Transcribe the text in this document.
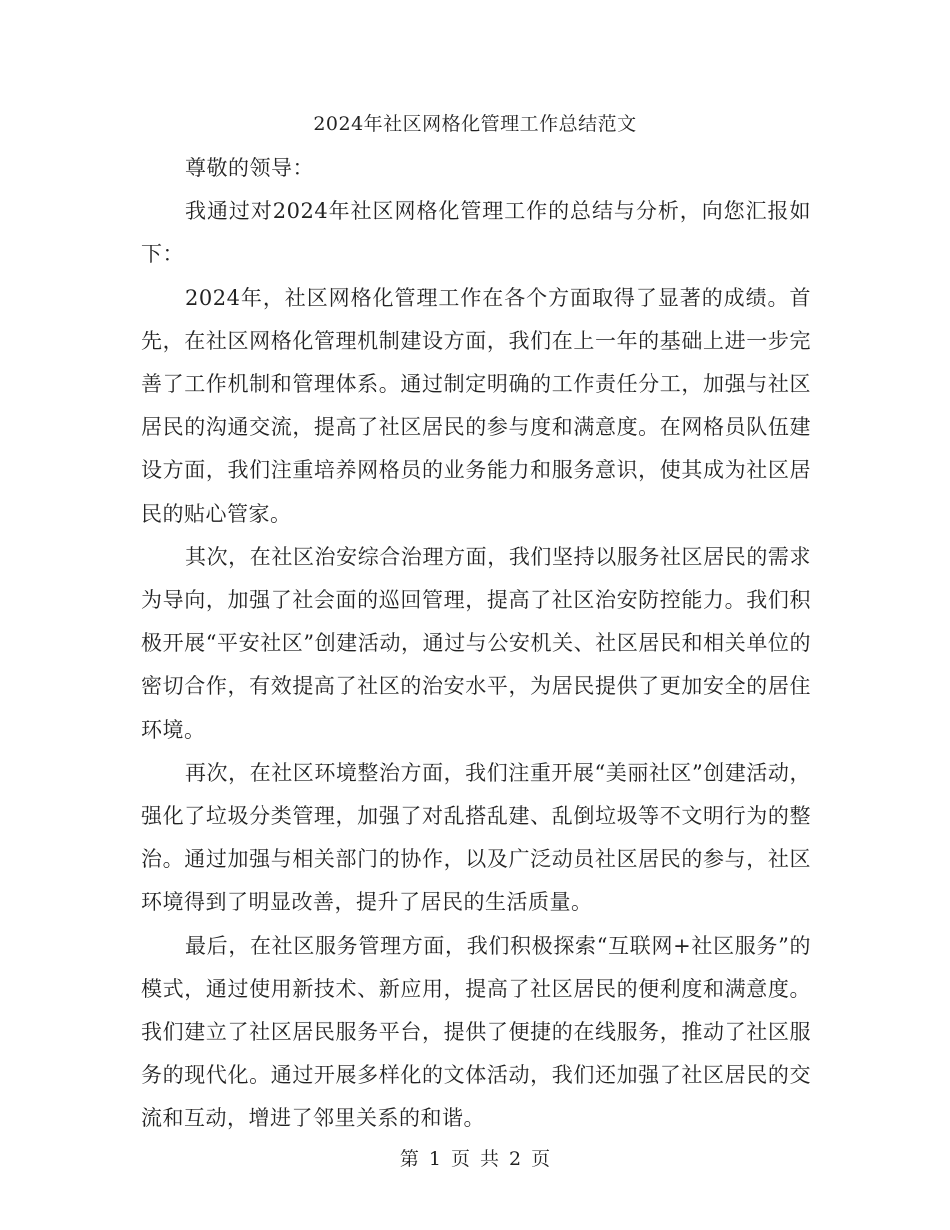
2024年社区网格化管理工作总结范文

尊敬的领导：

我通过对2024年社区网格化管理工作的总结与分析，向您汇报如下：

2024年，社区网格化管理工作在各个方面取得了显著的成绩。首先，在社区网格化管理机制建设方面，我们在上一年的基础上进一步完善了工作机制和管理体系。通过制定明确的工作责任分工，加强与社区居民的沟通交流，提高了社区居民的参与度和满意度。在网格员队伍建设方面，我们注重培养网格员的业务能力和服务意识，使其成为社区居民的贴心管家。

其次，在社区治安综合治理方面，我们坚持以服务社区居民的需求为导向，加强了社会面的巡回管理，提高了社区治安防控能力。我们积极开展“平安社区”创建活动，通过与公安机关、社区居民和相关单位的密切合作，有效提高了社区的治安水平，为居民提供了更加安全的居住环境。

再次，在社区环境整治方面，我们注重开展“美丽社区”创建活动，强化了垃圾分类管理，加强了对乱搭乱建、乱倒垃圾等不文明行为的整治。通过加强与相关部门的协作，以及广泛动员社区居民的参与，社区环境得到了明显改善，提升了居民的生活质量。

最后，在社区服务管理方面，我们积极探索“互联网+社区服务”的模式，通过使用新技术、新应用，提高了社区居民的便利度和满意度。我们建立了社区居民服务平台，提供了便捷的在线服务，推动了社区服务的现代化。通过开展多样化的文体活动，我们还加强了社区居民的交流和互动，增进了邻里关系的和谐。

第 1 页 共 2 页
